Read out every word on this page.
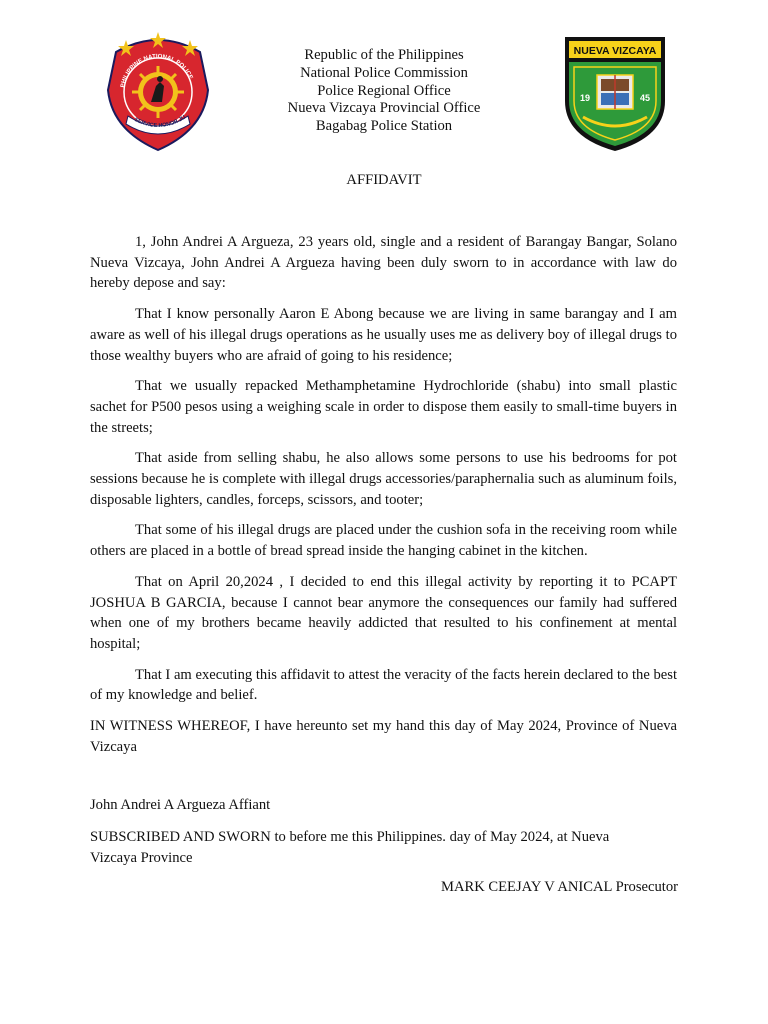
PHILIPPINE NATIONAL POLICE
SERVICE HONOR JU
Republic of the Philippines
National Police Commission
Police Regional Office
Nueva Vizcaya Provincial Office
Bagabag Police Station
NUEVA VIZCAYA
19	45
AFFIDAVIT

1, John Andrei A Argueza, 23 years old, single and a resident of Barangay Bangar, Solano Nueva Vizcaya, John Andrei A Argueza having been duly sworn to in accordance with law do hereby depose and say:

That I know personally Aaron E Abong because we are living in same barangay and I am aware as well of his illegal drugs operations as he usually uses me as delivery boy of illegal drugs to those wealthy buyers who are afraid of going to his residence;

That we usually repacked Methamphetamine Hydrochloride (shabu) into small plastic sachet for P500 pesos using a weighing scale in order to dispose them easily to small-time buyers in the streets;

That aside from selling shabu, he also allows some persons to use his bedrooms for pot sessions because he is complete with illegal drugs accessories/paraphernalia such as aluminum foils, disposable lighters, candles, forceps, scissors, and tooter;

That some of his illegal drugs are placed under the cushion sofa in the receiving room while others are placed in a bottle of bread spread inside the hanging cabinet in the kitchen.

That on April 20,2024 , I decided to end this illegal activity by reporting it to PCAPT JOSHUA B GARCIA, because I cannot bear anymore the consequences our family had suffered when one of my brothers became heavily addicted that resulted to his confinement at mental hospital;

That I am executing this affidavit to attest the veracity of the facts herein declared to the best of my knowledge and belief.

IN WITNESS WHEREOF, I have hereunto set my hand this day of May 2024, Province of Nueva Vizcaya

John Andrei A Argueza Affiant
SUBSCRIBED AND SWORN to before me this Philippines. day of May 2024, at Nueva Vizcaya Province
MARK CEEJAY V ANICAL Prosecutor
